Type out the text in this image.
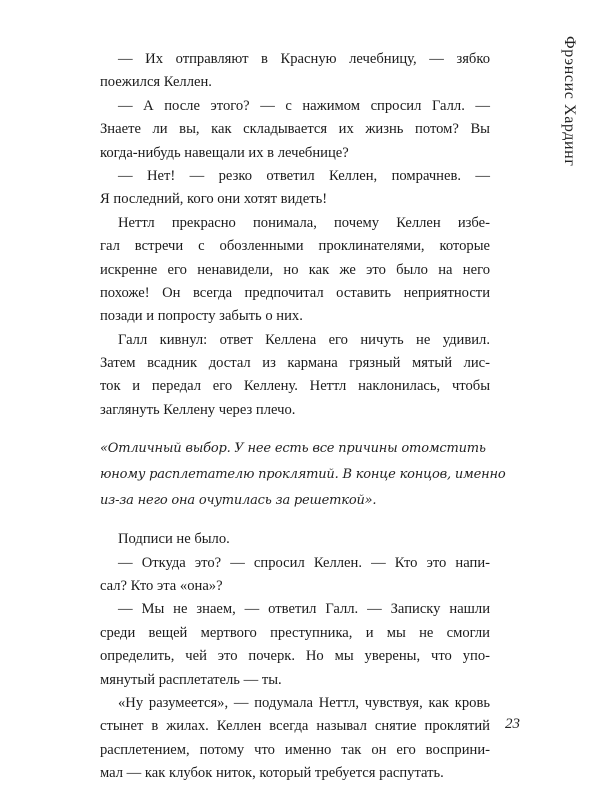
Фрэнсис Хардинг
— Их отправляют в Красную лечебницу, — зябко
поежился Келлен.
— А после этого? — с нажимом спросил Галл. —
Знаете ли вы, как складывается их жизнь потом? Вы
когда-нибудь навещали их в лечебнице?
— Нет! — резко ответил Келлен, помрачнев. —
Я последний, кого они хотят видеть!
Неттл прекрасно понимала, почему Келлен избе-
гал встречи с обозленными проклинателями, которые
искренне его ненавидели, но как же это было на него
похоже! Он всегда предпочитал оставить неприятности
позади и попросту забыть о них.
Галл кивнул: ответ Келлена его ничуть не удивил.
Затем всадник достал из кармана грязный мятый лис-
ток и передал его Келлену. Неттл наклонилась, чтобы
заглянуть Келлену через плечо.
«Отличный выбор. У нее есть все причины отомстить
юному расплетателю проклятий. В конце концов, именно
из-за него она очутилась за решеткой».
Подписи не было.
— Откуда это? — спросил Келлен. — Кто это напи-
сал? Кто эта «она»?
— Мы не знаем, — ответил Галл. — Записку нашли
среди вещей мертвого преступника, и мы не смогли
определить, чей это почерк. Но мы уверены, что упо-
мянутый расплетатель — ты.
«Ну разумеется», — подумала Неттл, чувствуя, как кровь
стынет в жилах. Келлен всегда называл снятие проклятий
расплетением, потому что именно так он его восприни-
мал — как клубок ниток, который требуется распутать.
23
